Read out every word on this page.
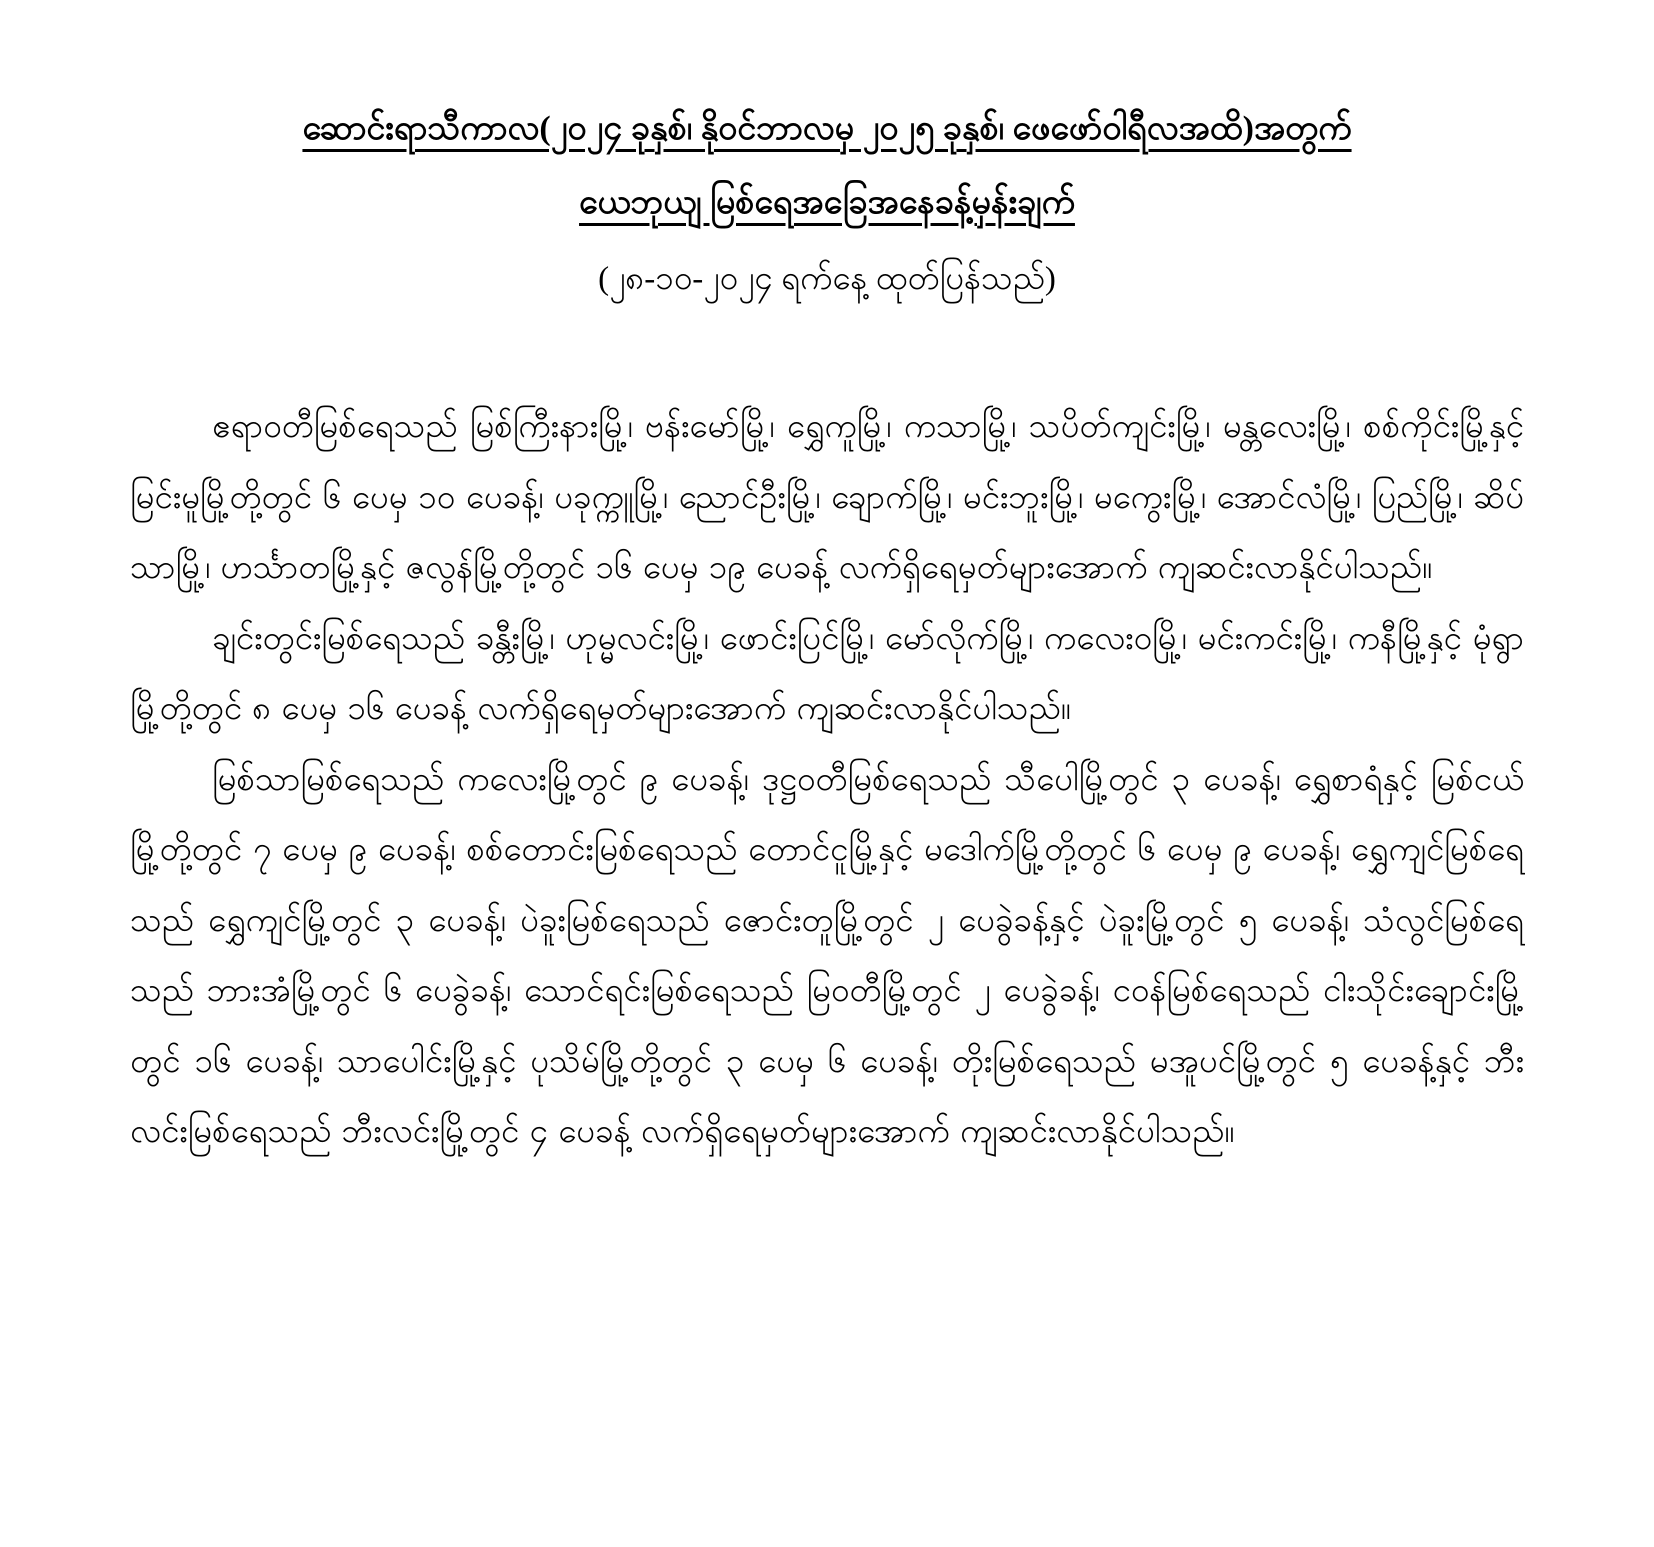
ဆောင်းရာသီကာလ(၂၀၂၄ ခုနှစ်၊ နိုဝင်ဘာလမှ ၂၀၂၅ ခုနှစ်၊ ဖေဖော်ဝါရီလအထိ)အတွက်
ယေဘုယျ မြစ်ရေအခြေအနေခန့်မှန်းချက်
(၂၈-၁၀-၂၀၂၄ ရက်နေ့ ထုတ်ပြန်သည်)

ဧရာဝတီမြစ်ရေသည် မြစ်ကြီးနားမြို့၊ ဗန်းမော်မြို့၊ ရွှေကူမြို့၊ ကသာမြို့၊ သပိတ်ကျင်းမြို့၊ မန္တလေးမြို့၊ စစ်ကိုင်းမြို့နှင့် မြင်းမူမြို့တို့တွင် ၆ ပေမှ ၁၀ ပေခန့်၊ ပခုက္ကူမြို့၊ ညောင်ဦးမြို့၊ ချောက်မြို့၊ မင်းဘူးမြို့၊ မကွေးမြို့၊ အောင်လံမြို့၊ ပြည်မြို့၊ ဆိပ်သာမြို့၊ ဟင်္သာတမြို့နှင့် ဇလွန်မြို့တို့တွင် ၁၆ ပေမှ ၁၉ ပေခန့် လက်ရှိရေမှတ်များအောက် ကျဆင်းလာနိုင်ပါသည်။

ချင်းတွင်းမြစ်ရေသည် ခန္တီးမြို့၊ ဟုမ္မလင်းမြို့၊ ဖောင်းပြင်မြို့၊ မော်လိုက်မြို့၊ ကလေးဝမြို့၊ မင်းကင်းမြို့၊ ကနီမြို့နှင့် မုံရွာမြို့တို့တွင် ၈ ပေမှ ၁၆ ပေခန့် လက်ရှိရေမှတ်များအောက် ကျဆင်းလာနိုင်ပါသည်။

မြစ်သာမြစ်ရေသည် ကလေးမြို့တွင် ၉ ပေခန့်၊ ဒုဋ္ဌဝတီမြစ်ရေသည် သီပေါမြို့တွင် ၃ ပေခန့်၊ ရွှေစာရံနှင့် မြစ်ငယ်မြို့တို့တွင် ၇ ပေမှ ၉ ပေခန့်၊ စစ်တောင်းမြစ်ရေသည် တောင်ငူမြို့နှင့် မဒေါက်မြို့တို့တွင် ၆ ပေမှ ၉ ပေခန့်၊ ရွှေကျင်မြစ်ရေသည် ရွှေကျင်မြို့တွင် ၃ ပေခန့်၊ ပဲခူးမြစ်ရေသည် ဇောင်းတူမြို့တွင် ၂ ပေခွဲခန့်နှင့် ပဲခူးမြို့တွင် ၅ ပေခန့်၊ သံလွင်မြစ်ရေသည် ဘားအံမြို့တွင် ၆ ပေခွဲခန့်၊ သောင်ရင်းမြစ်ရေသည် မြဝတီမြို့တွင် ၂ ပေခွဲခန့်၊ ငဝန်မြစ်ရေသည် ငါးသိုင်းချောင်းမြို့တွင် ၁၆ ပေခန့်၊ သာပေါင်းမြို့နှင့် ပုသိမ်မြို့တို့တွင် ၃ ပေမှ ၆ ပေခန့်၊ တိုးမြစ်ရေသည် မအူပင်မြို့တွင် ၅ ပေခန့်နှင့် ဘီးလင်းမြစ်ရေသည် ဘီးလင်းမြို့တွင် ၄ ပေခန့် လက်ရှိရေမှတ်များအောက် ကျဆင်းလာနိုင်ပါသည်။
